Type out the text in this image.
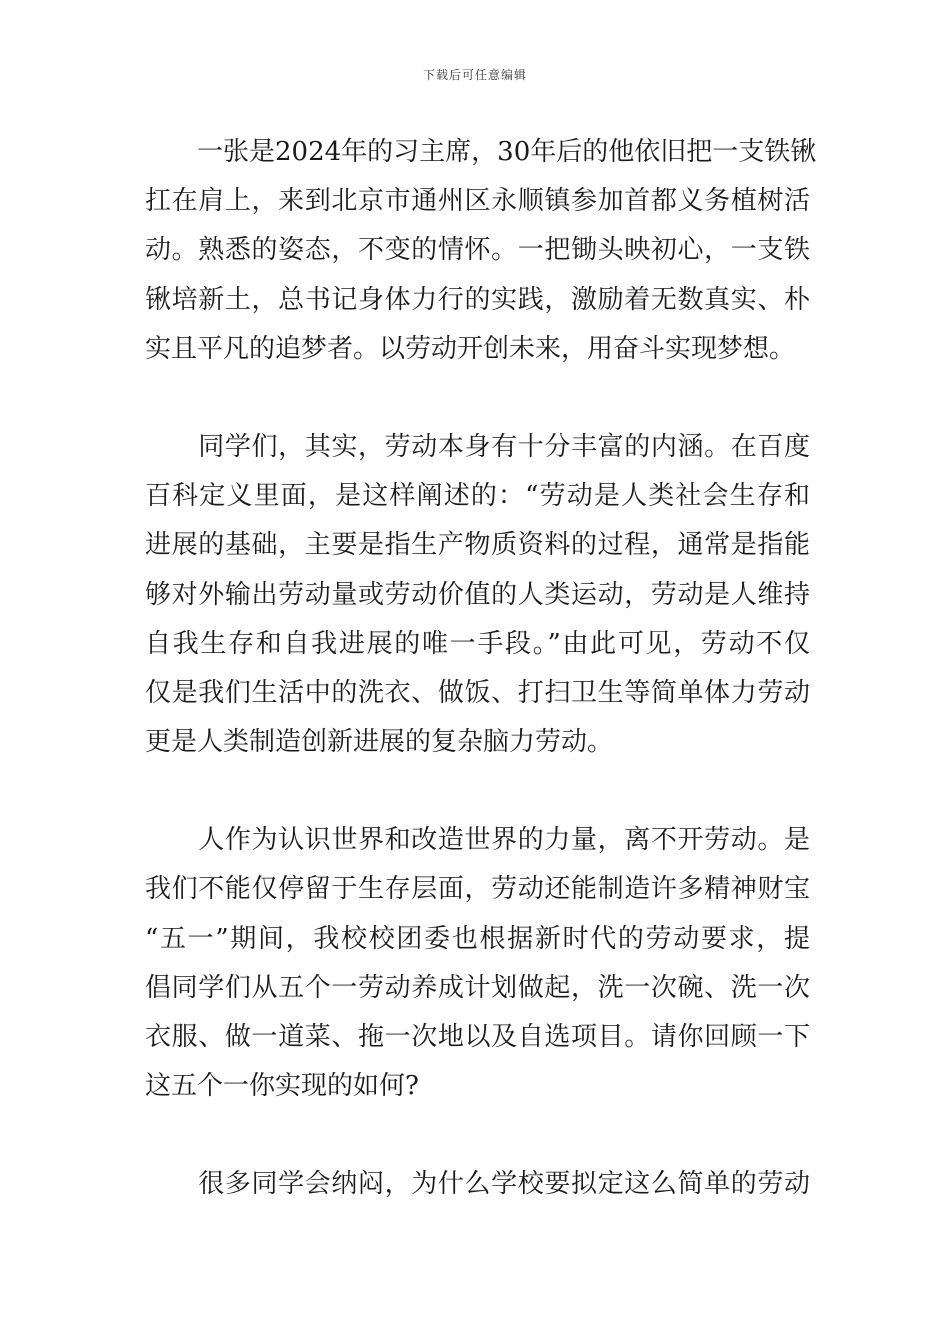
下载后可任意编辑
　　一张是2024年的习主席，30年后的他依旧把一支铁锹
扛在肩上，来到北京市通州区永顺镇参加首都义务植树活
动。熟悉的姿态，不变的情怀。一把锄头映初心，一支铁
锹培新土，总书记身体力行的实践，激励着无数真实、朴
实且平凡的追梦者。以劳动开创未来，用奋斗实现梦想。
　　同学们，其实，劳动本身有十分丰富的内涵。在百度
百科定义里面，是这样阐述的：“劳动是人类社会生存和
进展的基础，主要是指生产物质资料的过程，通常是指能
够对外输出劳动量或劳动价值的人类运动，劳动是人维持
自我生存和自我进展的唯一手段。”由此可见，劳动不仅
仅是我们生活中的洗衣、做饭、打扫卫生等简单体力劳动
更是人类制造创新进展的复杂脑力劳动。
　　人作为认识世界和改造世界的力量，离不开劳动。是
我们不能仅停留于生存层面，劳动还能制造许多精神财宝
“五一”期间，我校校团委也根据新时代的劳动要求，提
倡同学们从五个一劳动养成计划做起，洗一次碗、洗一次
衣服、做一道菜、拖一次地以及自选项目。请你回顾一下
这五个一你实现的如何?
　　很多同学会纳闷，为什么学校要拟定这么简单的劳动
